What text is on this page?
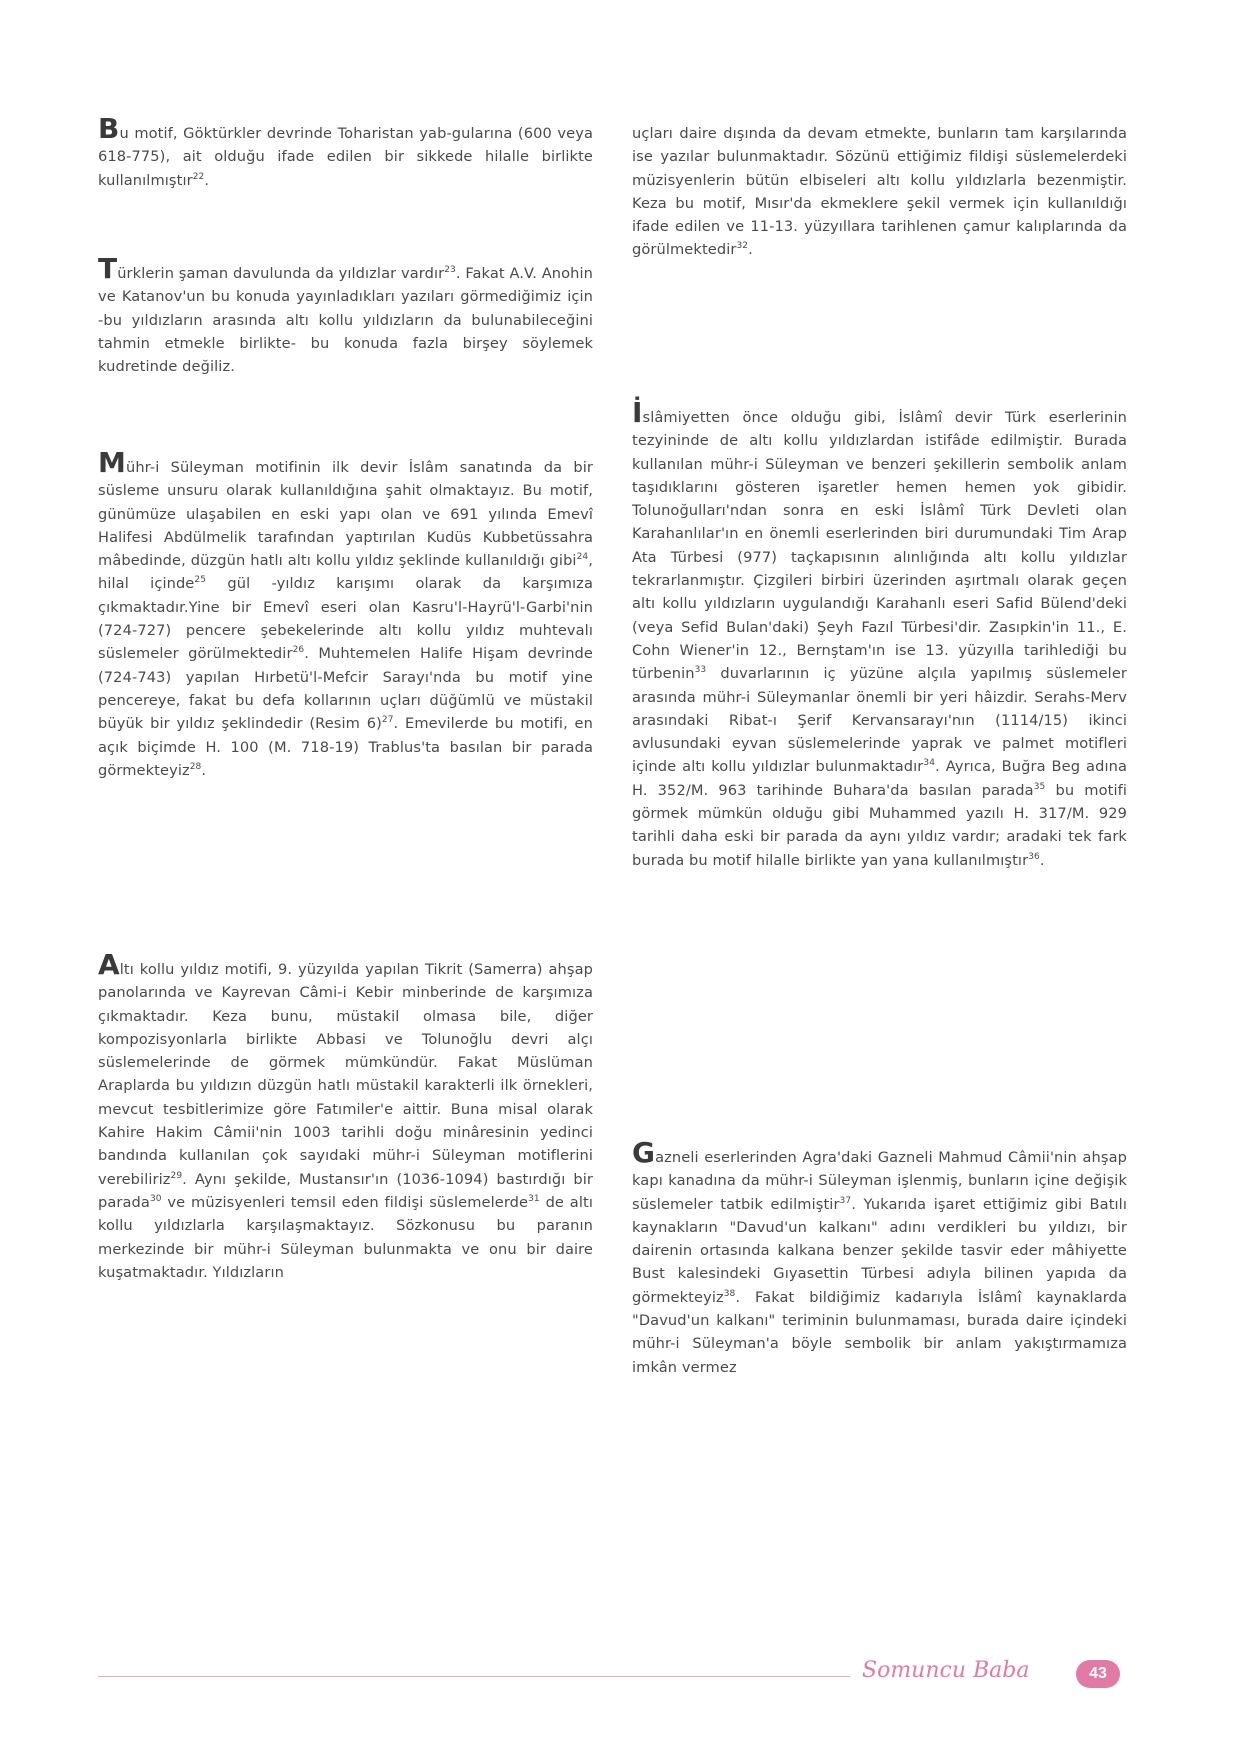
Bu motif, Göktürkler devrinde Toharistan yab-gularına (600 veya 618-775), ait olduğu ifade edilen bir sikkede hilalle birlikte kullanılmıştır$^{22}$.

Türklerin şaman davulunda da yıldızlar vardır$^{23}$. Fakat A.V. Anohin ve Katanov'un bu konuda yayınladıkları yazıları görmediğimiz için -bu yıldızların arasında altı kollu yıldızların da bulunabileceğini tahmin etmekle birlikte- bu konuda fazla birşey söylemek kudretinde değiliz.

Mühr-i Süleyman motifinin ilk devir İslâm sanatında da bir süsleme unsuru olarak kullanıldığına şahit olmaktayız. Bu motif, günümüze ulaşabilen en eski yapı olan ve 691 yılında Emevî Halifesi Abdülmelik tarafından yaptırılan Kudüs Kubbetüssahra mâbedinde, düzgün hatlı altı kollu yıldız şeklinde kullanıldığı gibi$^{24}$, hilal içinde$^{25}$ gül -yıldız karışımı olarak da karşımıza çıkmaktadır.Yine bir Emevî eseri olan Kasru'l-Hayrü'l-Garbi'nin (724-727) pencere şebekelerinde altı kollu yıldız muhtevalı süslemeler görülmektedir$^{26}$. Muhtemelen Halife Hişam devrinde (724-743) yapılan Hırbetü'l-Mefcir Sarayı'nda bu motif yine pencereye, fakat bu defa kollarının uçları düğümlü ve müstakil büyük bir yıldız şeklindedir (Resim 6)$^{27}$. Emevilerde bu motifi, en açık biçimde H. 100 (M. 718-19) Trablus'ta basılan bir parada görmekteyiz$^{28}$.

Altı kollu yıldız motifi, 9. yüzyılda yapılan Tikrit (Samerra) ahşap panolarında ve Kayrevan Câmi-i Kebir minberinde de karşımıza çıkmaktadır. Keza bunu, müstakil olmasa bile, diğer kompozisyonlarla birlikte Abbasi ve Tolunoğlu devri alçı süslemelerinde de görmek mümkündür. Fakat Müslüman Araplarda bu yıldızın düzgün hatlı müstakil karakterli ilk örnekleri, mevcut tesbitlerimize göre Fatımiler'e aittir. Buna misal olarak Kahire Hakim Câmii'nin 1003 tarihli doğu minâresinin yedinci bandında kullanılan çok sayıdaki mühr-i Süleyman motiflerini verebiliriz$^{29}$. Aynı şekilde, Mustansır'ın (1036-1094) bastırdığı bir parada$^{30}$ ve müzisyenleri temsil eden fildişi süslemelerde$^{31}$ de altı kollu yıldızlarla karşılaşmaktayız. Sözkonusu bu paranın merkezinde bir mühr-i Süleyman bulunmakta ve onu bir daire kuşatmaktadır. Yıldızların

uçları daire dışında da devam etmekte, bunların tam karşılarında ise yazılar bulunmaktadır. Sözünü ettiğimiz fildişi süslemelerdeki müzisyenlerin bütün elbiseleri altı kollu yıldızlarla bezenmiştir. Keza bu motif, Mısır'da ekmeklere şekil vermek için kullanıldığı ifade edilen ve 11-13. yüzyıllara tarihlenen çamur kalıplarında da görülmektedir$^{32}$.

İslâmiyetten önce olduğu gibi, İslâmî devir Türk eserlerinin tezyininde de altı kollu yıldızlardan istifâde edilmiştir. Burada kullanılan mühr-i Süleyman ve benzeri şekillerin sembolik anlam taşıdıklarını gösteren işaretler hemen hemen yok gibidir. Tolunoğulları'ndan sonra en eski İslâmî Türk Devleti olan Karahanlılar'ın en önemli eserlerinden biri durumundaki Tim Arap Ata Türbesi (977) taçkapısının alınlığında altı kollu yıldızlar tekrarlanmıştır. Çizgileri birbiri üzerinden aşırtmalı olarak geçen altı kollu yıldızların uygulandığı Karahanlı eseri Safid Bülend'deki (veya Sefid Bulan'daki) Şeyh Fazıl Türbesi'dir. Zasıpkin'in 11., E. Cohn Wiener'in 12., Bernştam'ın ise 13. yüzyılla tarihlediği bu türbenin$^{33}$ duvarlarının iç yüzüne alçıla yapılmış süslemeler arasında mühr-i Süleymanlar önemli bir yeri hâizdir. Serahs-Merv arasındaki Ribat-ı Şerif Kervansarayı'nın (1114/15) ikinci avlusundaki eyvan süslemelerinde yaprak ve palmet motifleri içinde altı kollu yıldızlar bulunmaktadır$^{34}$. Ayrıca, Buğra Beg adına H. 352/M. 963 tarihinde Buhara'da basılan parada$^{35}$ bu motifi görmek mümkün olduğu gibi Muhammed yazılı H. 317/M. 929 tarihli daha eski bir parada da aynı yıldız vardır; aradaki tek fark burada bu motif hilalle birlikte yan yana kullanılmıştır$^{36}$.

Gazneli eserlerinden Agra'daki Gazneli Mahmud Câmii'nin ahşap kapı kanadına da mühr-i Süleyman işlenmiş, bunların içine değişik süslemeler tatbik edilmiştir$^{37}$. Yukarıda işaret ettiğimiz gibi Batılı kaynakların "Davud'un kalkanı" adını verdikleri bu yıldızı, bir dairenin ortasında kalkana benzer şekilde tasvir eder mâhiyette Bust kalesindeki Gıyasettin Türbesi adıyla bilinen yapıda da görmekteyiz$^{38}$. Fakat bildiğimiz kadarıyla İslâmî kaynaklarda "Davud'un kalkanı" teriminin bulunmaması, burada daire içindeki mühr-i Süleyman'a böyle sembolik bir anlam yakıştırmamıza imkân vermez

Somuncu Baba	43
